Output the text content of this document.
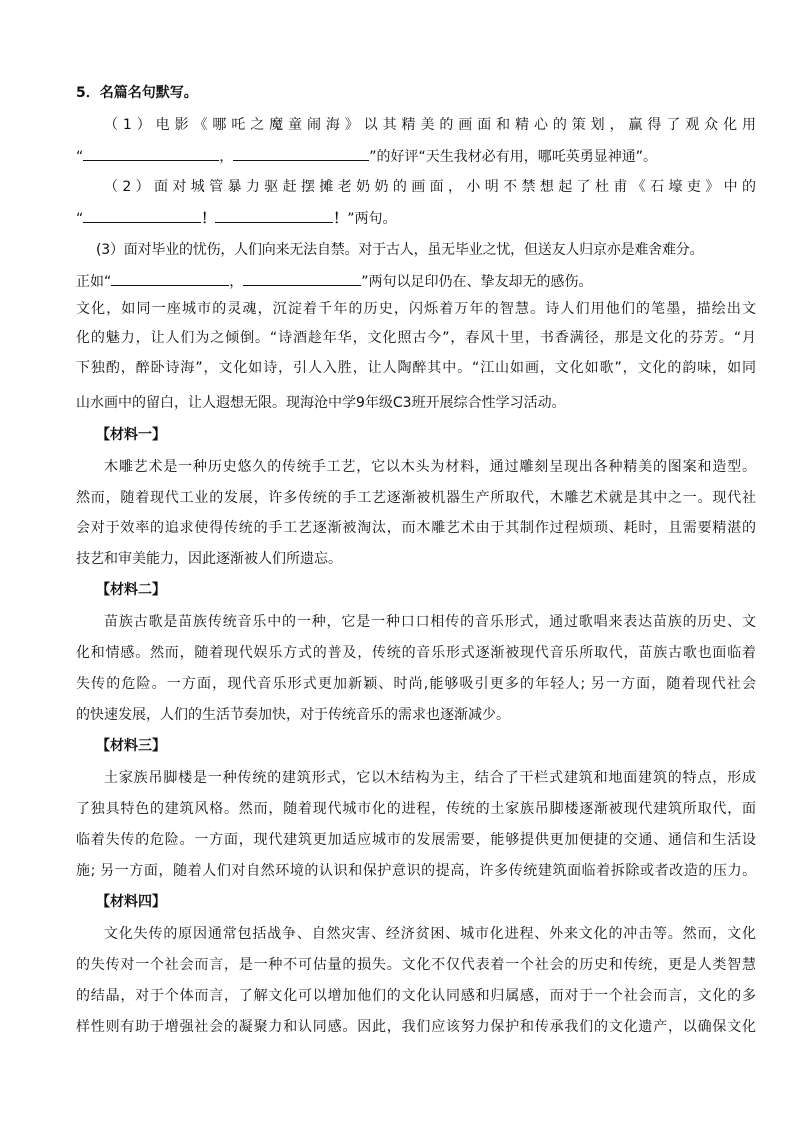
5．名篇名句默写。
（1）电影《哪吒之魔童闹海》以其精美的画面和精心的策划，赢得了观众化用
“	，	”的好评“天生我材必有用，哪吒英勇显神通”。
（2）面对城管暴力驱赶摆摊老奶奶的画面，小明不禁想起了杜甫《石壕吏》中的
“	！	！”两句。
(3）面对毕业的忧伤，人们向来无法自禁。对于古人，虽无毕业之忧，但送友人归京亦是难舍难分。
正如“	，	”两句以足印仍在、挚友却无的感伤。
文化，如同一座城市的灵魂，沉淀着千年的历史，闪烁着万年的智慧。诗人们用他们的笔墨，描绘出文
化的魅力，让人们为之倾倒。“诗酒趁年华，文化照古今”，春风十里，书香满径，那是文化的芬芳。“月
下独酌，醉卧诗海”，文化如诗，引人入胜，让人陶醉其中。“江山如画，文化如歌”，文化的韵味，如同
山水画中的留白，让人遐想无限。现海沧中学9年级C3班开展综合性学习活动。
【材料一】
木雕艺术是一种历史悠久的传统手工艺，它以木头为材料，通过雕刻呈现出各种精美的图案和造型。
然而，随着现代工业的发展，许多传统的手工艺逐渐被机器生产所取代，木雕艺术就是其中之一。现代社
会对于效率的追求使得传统的手工艺逐渐被淘汰，而木雕艺术由于其制作过程烦琐、耗时，且需要精湛的
技艺和审美能力，因此逐渐被人们所遗忘。
【材料二】
苗族古歌是苗族传统音乐中的一种，它是一种口口相传的音乐形式，通过歌唱来表达苗族的历史、文
化和情感。然而，随着现代娱乐方式的普及，传统的音乐形式逐渐被现代音乐所取代，苗族古歌也面临着
失传的危险。一方面，现代音乐形式更加新颖、时尚,能够吸引更多的年轻人; 另一方面，随着现代社会
的快速发展，人们的生活节奏加快，对于传统音乐的需求也逐渐减少。
【材料三】
土家族吊脚楼是一种传统的建筑形式，它以木结构为主，结合了干栏式建筑和地面建筑的特点，形成
了独具特色的建筑风格。然而，随着现代城市化的进程，传统的土家族吊脚楼逐渐被现代建筑所取代，面
临着失传的危险。一方面，现代建筑更加适应城市的发展需要，能够提供更加便捷的交通、通信和生活设
施; 另一方面，随着人们对自然环境的认识和保护意识的提高，许多传统建筑面临着拆除或者改造的压力。
【材料四】
文化失传的原因通常包括战争、自然灾害、经济贫困、城市化进程、外来文化的冲击等。然而，文化
的失传对一个社会而言，是一种不可估量的损失。文化不仅代表着一个社会的历史和传统，更是人类智慧
的结晶，对于个体而言，了解文化可以增加他们的文化认同感和归属感，而对于一个社会而言，文化的多
样性则有助于增强社会的凝聚力和认同感。因此，我们应该努力保护和传承我们的文化遗产，以确保文化
